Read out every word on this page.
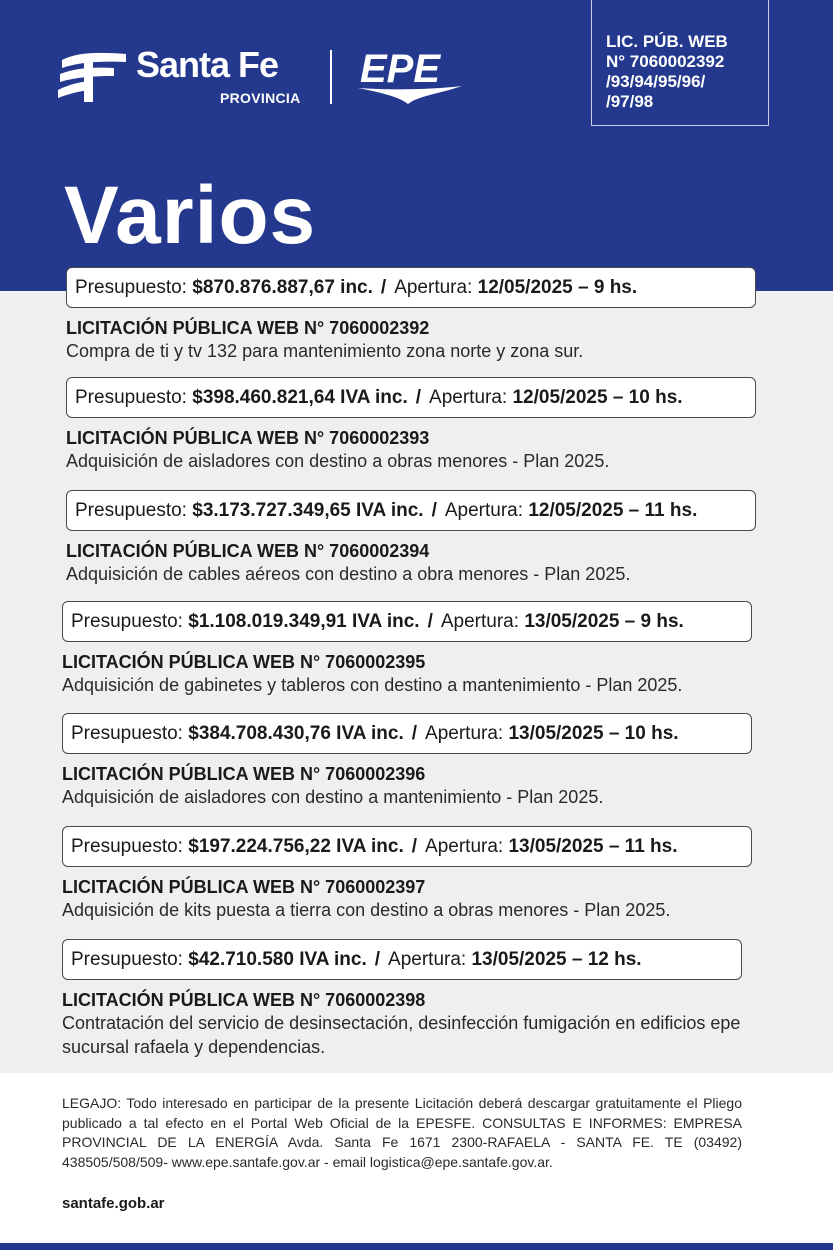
Santa Fe
PROVINCIA
EPE
LIC. PÚB. WEB
N° 7060002392
/93/94/95/96/
/97/98
Varios
Presupuesto:
$870.876.887,67 inc. / Apertura:
12/05/2025 – 9 hs.
LICITACIÓN PÚBLICA WEB N° 7060002392
Compra de ti y tv 132 para mantenimiento zona norte y zona sur.
Presupuesto:
$398.460.821,64 IVA inc. / Apertura:
12/05/2025 – 10 hs.
LICITACIÓN PÚBLICA WEB N° 7060002393
Adquisición de aisladores con destino a obras menores - Plan 2025.
Presupuesto:
$3.173.727.349,65 IVA inc. / Apertura:
12/05/2025 – 11 hs.
LICITACIÓN PÚBLICA WEB N° 7060002394
Adquisición de cables aéreos con destino a obra menores - Plan 2025.
Presupuesto:
$1.108.019.349,91 IVA inc. / Apertura:
13/05/2025 – 9 hs.
LICITACIÓN PÚBLICA WEB N° 7060002395
Adquisición de gabinetes y tableros con destino a mantenimiento - Plan 2025.
Presupuesto:
$384.708.430,76 IVA inc. / Apertura:
13/05/2025 – 10 hs.
LICITACIÓN PÚBLICA WEB N° 7060002396
Adquisición de aisladores con destino a mantenimiento - Plan 2025.
Presupuesto:
$197.224.756,22 IVA inc. / Apertura:
13/05/2025 – 11 hs.
LICITACIÓN PÚBLICA WEB N° 7060002397
Adquisición de kits puesta a tierra con destino a obras menores - Plan 2025.
Presupuesto:
$42.710.580 IVA inc. / Apertura:
13/05/2025 – 12 hs.
LICITACIÓN PÚBLICA WEB N° 7060002398
Contratación del servicio de desinsectación, desinfección fumigación en edificios epe sucursal rafaela y dependencias.
LEGAJO: Todo interesado en participar de la presente Licitación deberá descargar gratuitamente el Pliego publicado a tal efecto en el Portal Web Oficial de la EPESFE. CONSULTAS E INFORMES: EMPRESA PROVINCIAL DE LA ENERGÍA Avda. Santa Fe 1671 2300-RAFAELA - SANTA FE. TE (03492) 438505/508/509- www.epe.santafe.gov.ar - email logistica@epe.santafe.gov.ar.
santafe.gob.ar
